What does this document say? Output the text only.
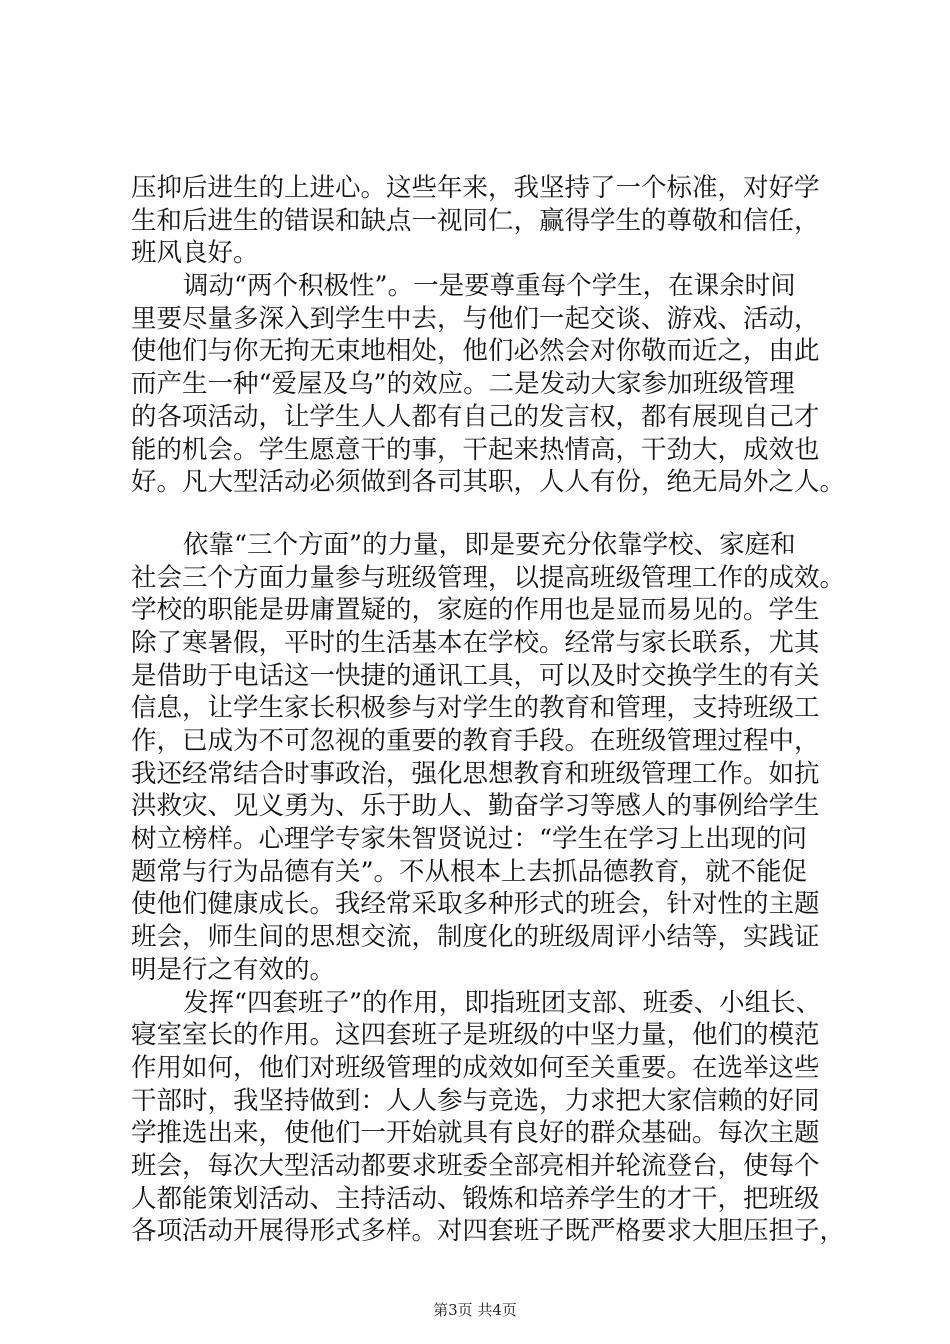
压抑后进生的上进心。这些年来，我坚持了一个标准，对好学
生和后进生的错误和缺点一视同仁，赢得学生的尊敬和信任，
班风良好。
调动“两个积极性”。一是要尊重每个学生，在课余时间
里要尽量多深入到学生中去，与他们一起交谈、游戏、活动，
使他们与你无拘无束地相处，他们必然会对你敬而近之，由此
而产生一种“爱屋及乌”的效应。二是发动大家参加班级管理
的各项活动，让学生人人都有自己的发言权，都有展现自己才
能的机会。学生愿意干的事，干起来热情高，干劲大，成效也
好。凡大型活动必须做到各司其职，人人有份，绝无局外之人。
依靠“三个方面”的力量，即是要充分依靠学校、家庭和
社会三个方面力量参与班级管理，以提高班级管理工作的成效。
学校的职能是毋庸置疑的，家庭的作用也是显而易见的。学生
除了寒暑假，平时的生活基本在学校。经常与家长联系，尤其
是借助于电话这一快捷的通讯工具，可以及时交换学生的有关
信息，让学生家长积极参与对学生的教育和管理，支持班级工
作，已成为不可忽视的重要的教育手段。在班级管理过程中，
我还经常结合时事政治，强化思想教育和班级管理工作。如抗
洪救灾、见义勇为、乐于助人、勤奋学习等感人的事例给学生
树立榜样。心理学专家朱智贤说过：“学生在学习上出现的问
题常与行为品德有关”。不从根本上去抓品德教育，就不能促
使他们健康成长。我经常采取多种形式的班会，针对性的主题
班会，师生间的思想交流，制度化的班级周评小结等，实践证
明是行之有效的。
发挥“四套班子”的作用，即指班团支部、班委、小组长、
寝室室长的作用。这四套班子是班级的中坚力量，他们的模范
作用如何，他们对班级管理的成效如何至关重要。在选举这些
干部时，我坚持做到：人人参与竞选，力求把大家信赖的好同
学推选出来，使他们一开始就具有良好的群众基础。每次主题
班会，每次大型活动都要求班委全部亮相并轮流登台，使每个
人都能策划活动、主持活动、锻炼和培养学生的才干，把班级
各项活动开展得形式多样。对四套班子既严格要求大胆压担子，
第3页 共4页
